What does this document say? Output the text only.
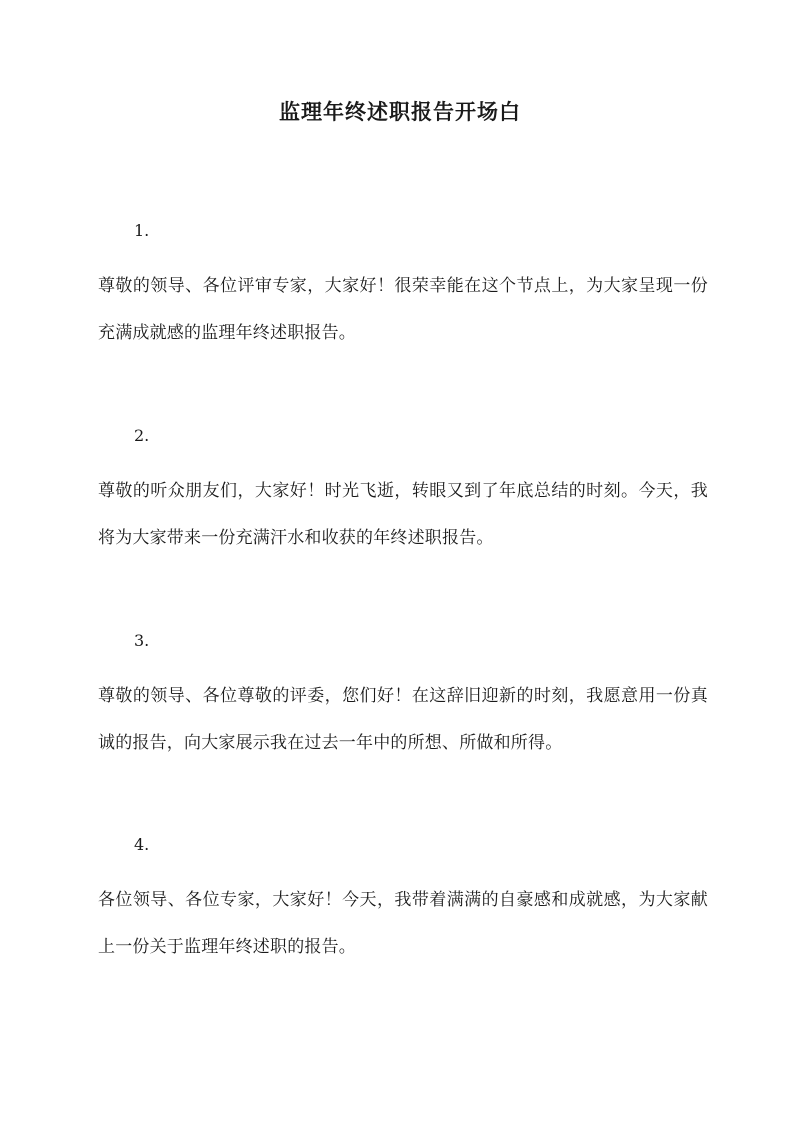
监理年终述职报告开场白
1.
尊敬的领导、各位评审专家，大家好！很荣幸能在这个节点上，为大家呈现一份充满成就感的监理年终述职报告。
2.
尊敬的听众朋友们，大家好！时光飞逝，转眼又到了年底总结的时刻。今天，我将为大家带来一份充满汗水和收获的年终述职报告。
3.
尊敬的领导、各位尊敬的评委，您们好！在这辞旧迎新的时刻，我愿意用一份真诚的报告，向大家展示我在过去一年中的所想、所做和所得。
4.
各位领导、各位专家，大家好！今天，我带着满满的自豪感和成就感，为大家献上一份关于监理年终述职的报告。
